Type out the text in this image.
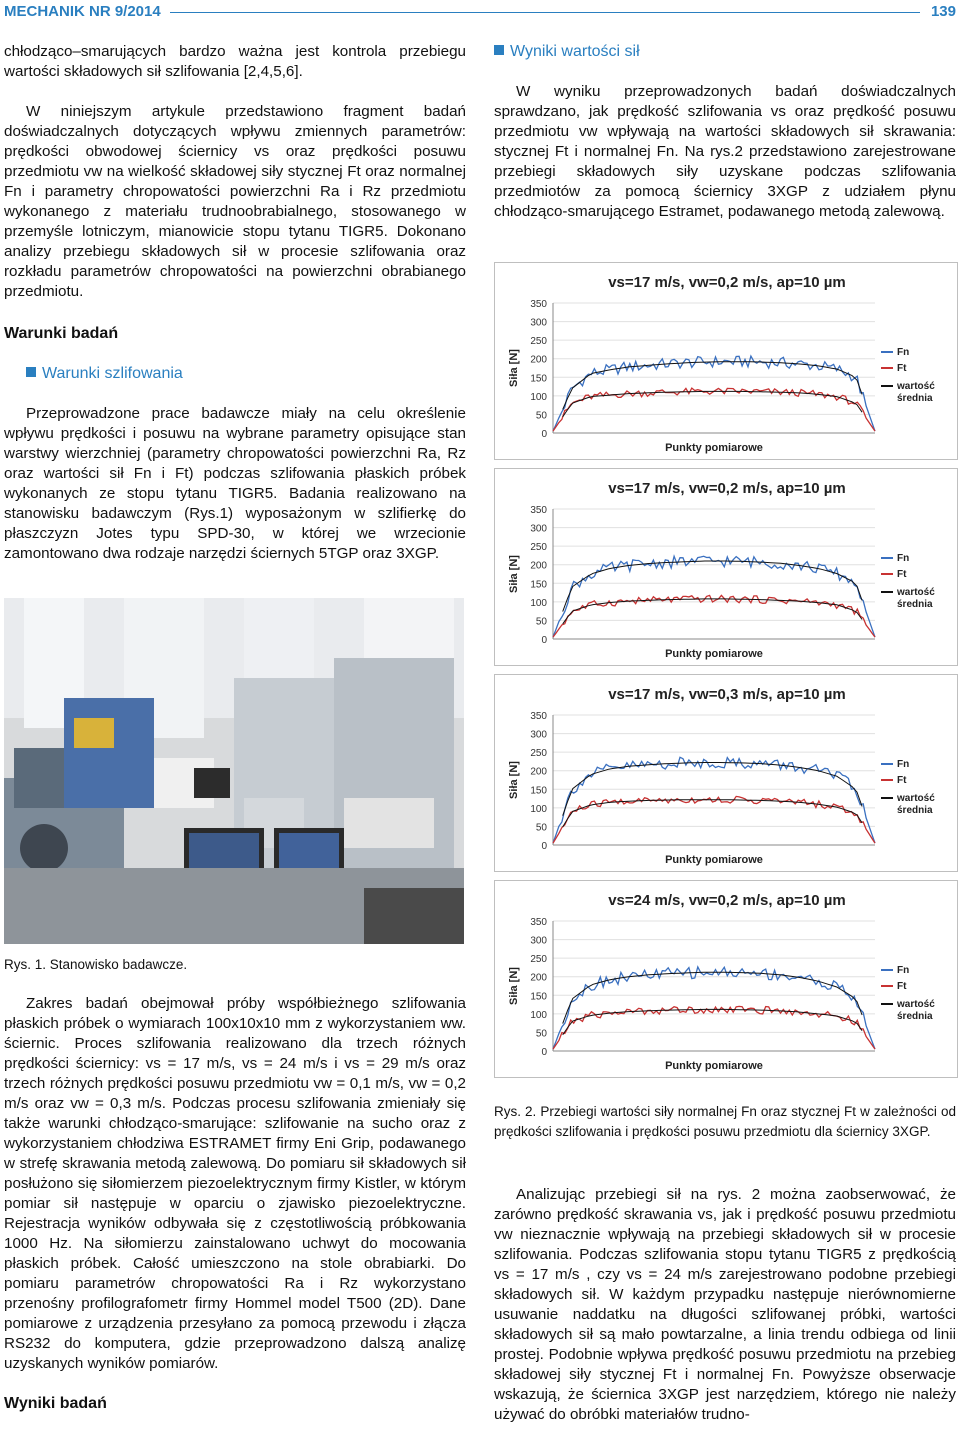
MECHANIK NR 9/2014	139

chłodząco–smarujących bardzo ważna jest kontrola przebiegu wartości składowych sił szlifowania [2,4,5,6].

W niniejszym artykule przedstawiono fragment badań doświadczalnych dotyczących wpływu zmiennych parametrów: prędkości obwodowej ściernicy vs oraz prędkości posuwu przedmiotu vw na wielkość składowej siły stycznej Ft oraz normalnej Fn i parametry chropowatości powierzchni Ra i Rz przedmiotu wykonanego z materiału trudnoobrabialnego, stosowanego w przemyśle lotniczym, mianowicie stopu tytanu TIGR5. Dokonano analizy przebiegu składowych sił w procesie szlifowania oraz rozkładu parametrów chropowatości na powierzchni obrabianego przedmiotu.

Warunki badań

Warunki szlifowania

Przeprowadzone prace badawcze miały na celu określenie wpływu prędkości i posuwu na wybrane parametry opisujące stan warstwy wierzchniej (parametry chropowatości powierzchni Ra, Rz oraz wartości sił Fn i Ft) podczas szlifowania płaskich próbek wykonanych ze stopu tytanu TIGR5. Badania realizowano na stanowisku badawczym (Rys.1) wyposażonym w szlifierkę do płaszczyzn Jotes typu SPD-30, w której we wrzecionie zamontowano dwa rodzaje narzędzi ściernych 5TGP oraz 3XGP.

Rys. 1. Stanowisko badawcze.

Zakres badań obejmował próby współbieżnego szlifowania płaskich próbek o wymiarach 100x10x10 mm z wykorzystaniem ww. ściernic. Proces szlifowania realizowano dla trzech różnych prędkości ściernicy: vs = 17 m/s, vs = 24 m/s i vs = 29 m/s oraz trzech różnych prędkości posuwu przedmiotu vw = 0,1 m/s, vw = 0,2 m/s oraz vw = 0,3 m/s. Podczas procesu szlifowania zmieniały się także warunki chłodząco-smarujące: szlifowanie na sucho oraz z wykorzystaniem chłodziwa ESTRAMET firmy Eni Grip, podawanego w strefę skrawania metodą zalewową. Do pomiaru sił składowych sił posłużono się siłomierzem piezoelektrycznym firmy Kistler, w którym pomiar sił następuje w oparciu o zjawisko piezoelektryczne. Rejestracja wyników odbywała się z częstotliwością próbkowania 1000 Hz. Na siłomierzu zainstalowano uchwyt do mocowania płaskich próbek. Całość umieszczono na stole obrabiarki. Do pomiaru parametrów chropowatości Ra i Rz wykorzystano przenośny profilografometr firmy Hommel model T500 (2D). Dane pomiarowe z urządzenia przesyłano za pomocą przewodu i złącza RS232 do komputera, gdzie przeprowadzono dalszą analizę uzyskanych wyników pomiarów.

Wyniki badań

Wyniki wartości sił

W wyniku przeprowadzonych badań doświadczalnych sprawdzano, jak prędkość szlifowania vs oraz prędkość posuwu przedmiotu vw wpływają na wartości składowych sił skrawania: stycznej Ft i normalnej Fn. Na rys.2 przedstawiono zarejestrowane przebiegi składowych siły uzyskane podczas szlifowania przedmiotów za pomocą ściernicy 3XGP z udziałem płynu chłodząco-smarującego Estramet, podawanego metodą zalewową.

vs=17 m/s, vw=0,2 m/s, ap=10 µm
0
50
100
150
200
250
300
350
Siła [N]
Punkty pomiarowe
Fn
Ft
wartość
średnia
vs=17 m/s, vw=0,2 m/s, ap=10 µm
0
50
100
150
200
250
300
350
Siła [N]
Punkty pomiarowe
Fn
Ft
wartość
średnia
vs=17 m/s, vw=0,3 m/s, ap=10 µm
0
50
100
150
200
250
300
350
Siła [N]
Punkty pomiarowe
Fn
Ft
wartość
średnia
vs=24 m/s, vw=0,2 m/s, ap=10 µm
0
50
100
150
200
250
300
350
Siła [N]
Punkty pomiarowe
Fn
Ft
wartość
średnia
Rys. 2. Przebiegi wartości siły normalnej Fn oraz stycznej Ft w zależności od prędkości szlifowania i prędkości posuwu przedmiotu dla ściernicy 3XGP.

Analizując przebiegi sił na rys. 2 można zaobserwować, że zarówno prędkość skrawania vs, jak i prędkość posuwu przedmiotu vw nieznacznie wpływają na przebiegi składowych sił w procesie szlifowania. Podczas szlifowania stopu tytanu TIGR5 z prędkością vs = 17 m/s , czy vs = 24 m/s zarejestrowano podobne przebiegi składowych sił. W każdym przypadku następuje nierównomierne usuwanie naddatku na długości szlifowanej próbki, wartości składowych sił są mało powtarzalne, a linia trendu odbiega od linii prostej. Podobnie wpływa prędkość posuwu przedmiotu na przebieg składowej siły stycznej Ft i normalnej Fn. Powyższe obserwacje wskazują, że ściernica 3XGP jest narzędziem, którego nie należy używać do obróbki materiałów trudno-
